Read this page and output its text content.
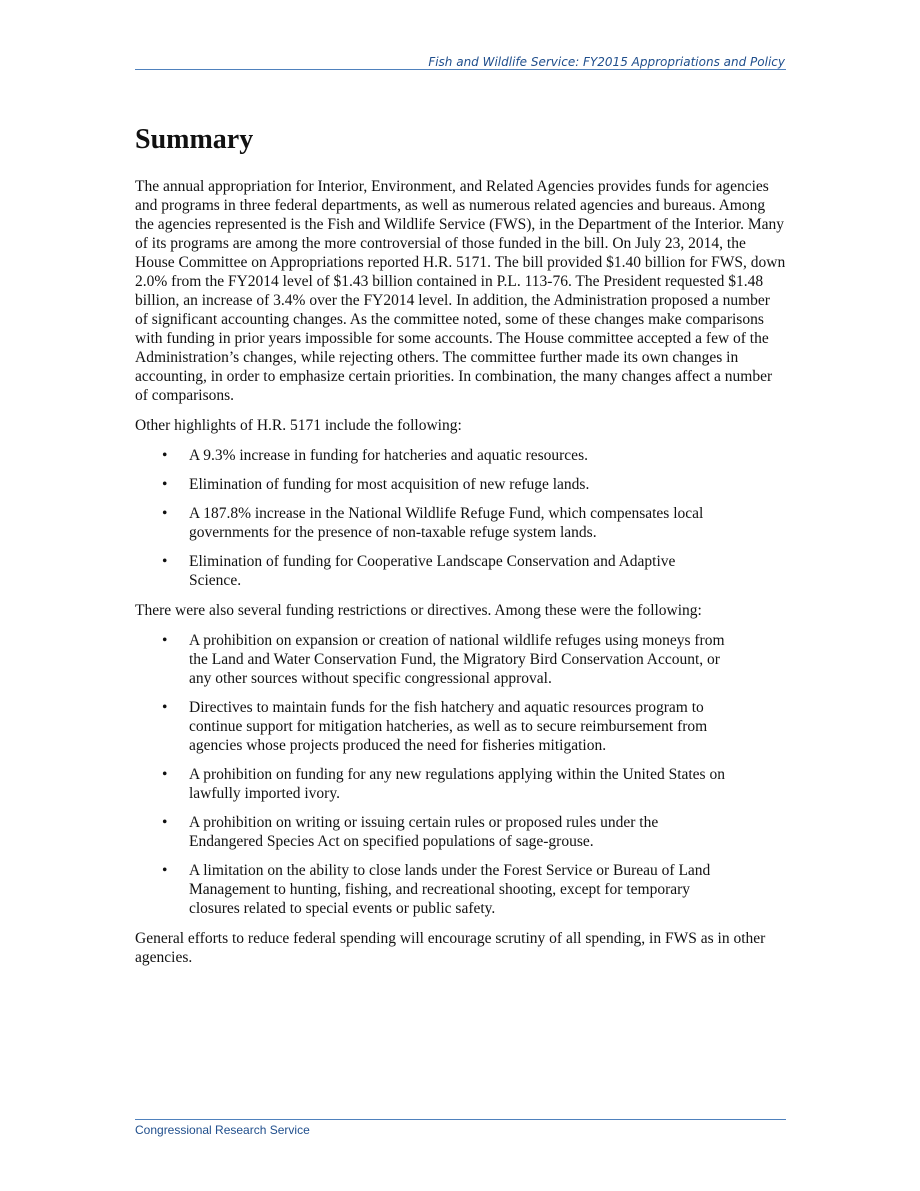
Fish and Wildlife Service: FY2015 Appropriations and Policy
Summary

The annual appropriation for Interior, Environment, and Related Agencies provides funds for agencies and programs in three federal departments, as well as numerous related agencies and bureaus. Among the agencies represented is the Fish and Wildlife Service (FWS), in the Department of the Interior. Many of its programs are among the more controversial of those funded in the bill. On July 23, 2014, the House Committee on Appropriations reported H.R. 5171. The bill provided $1.40 billion for FWS, down 2.0% from the FY2014 level of $1.43 billion contained in P.L. 113-76. The President requested $1.48 billion, an increase of 3.4% over the FY2014 level. In addition, the Administration proposed a number of significant accounting changes. As the committee noted, some of these changes make comparisons with funding in prior years impossible for some accounts. The House committee accepted a few of the Administration’s changes, while rejecting others. The committee further made its own changes in accounting, in order to emphasize certain priorities. In combination, the many changes affect a number of comparisons.

Other highlights of H.R. 5171 include the following:

• A 9.3% increase in funding for hatcheries and aquatic resources.
• Elimination of funding for most acquisition of new refuge lands.
• A 187.8% increase in the National Wildlife Refuge Fund, which compensates local governments for the presence of non-taxable refuge system lands.
• Elimination of funding for Cooperative Landscape Conservation and Adaptive Science.

There were also several funding restrictions or directives. Among these were the following:

• A prohibition on expansion or creation of national wildlife refuges using moneys from the Land and Water Conservation Fund, the Migratory Bird Conservation Account, or any other sources without specific congressional approval.
• Directives to maintain funds for the fish hatchery and aquatic resources program to continue support for mitigation hatcheries, as well as to secure reimbursement from agencies whose projects produced the need for fisheries mitigation.
• A prohibition on funding for any new regulations applying within the United States on lawfully imported ivory.
• A prohibition on writing or issuing certain rules or proposed rules under the Endangered Species Act on specified populations of sage-grouse.
• A limitation on the ability to close lands under the Forest Service or Bureau of Land Management to hunting, fishing, and recreational shooting, except for temporary closures related to special events or public safety.

General efforts to reduce federal spending will encourage scrutiny of all spending, in FWS as in other agencies.

Congressional Research Service
